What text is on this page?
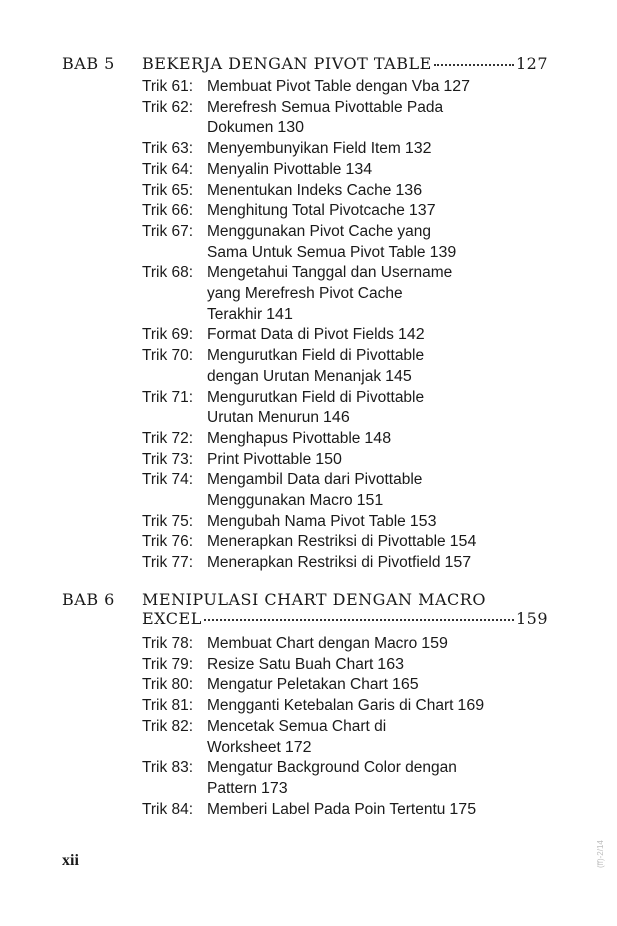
BAB 5 BEKERJA DENGAN PIVOT TABLE	127
Trik 61: Membuat Pivot Table dengan Vba 127
Trik 62: Merefresh Semua Pivottable Pada
Dokumen 130
Trik 63: Menyembunyikan Field Item 132
Trik 64: Menyalin Pivottable 134
Trik 65: Menentukan Indeks Cache 136
Trik 66: Menghitung Total Pivotcache 137
Trik 67: Menggunakan Pivot Cache yang
Sama Untuk Semua Pivot Table 139
Trik 68: Mengetahui Tanggal dan Username
yang Merefresh Pivot Cache
Terakhir 141
Trik 69: Format Data di Pivot Fields 142
Trik 70: Mengurutkan Field di Pivottable
dengan Urutan Menanjak 145
Trik 71: Mengurutkan Field di Pivottable
Urutan Menurun 146
Trik 72: Menghapus Pivottable 148
Trik 73: Print Pivottable 150
Trik 74: Mengambil Data dari Pivottable
Menggunakan Macro 151
Trik 75: Mengubah Nama Pivot Table 153
Trik 76: Menerapkan Restriksi di Pivottable 154
Trik 77: Menerapkan Restriksi di Pivotfield 157
BAB 6 MENIPULASI CHART DENGAN MACRO
EXCEL	159
Trik 78: Membuat Chart dengan Macro 159
Trik 79: Resize Satu Buah Chart 163
Trik 80: Mengatur Peletakan Chart 165
Trik 81: Mengganti Ketebalan Garis di Chart 169
Trik 82: Mencetak Semua Chart di
Worksheet 172
Trik 83: Mengatur Background Color dengan
Pattern 173
Trik 84: Memberi Label Pada Poin Tertentu 175
xii	(ff)-2/14
